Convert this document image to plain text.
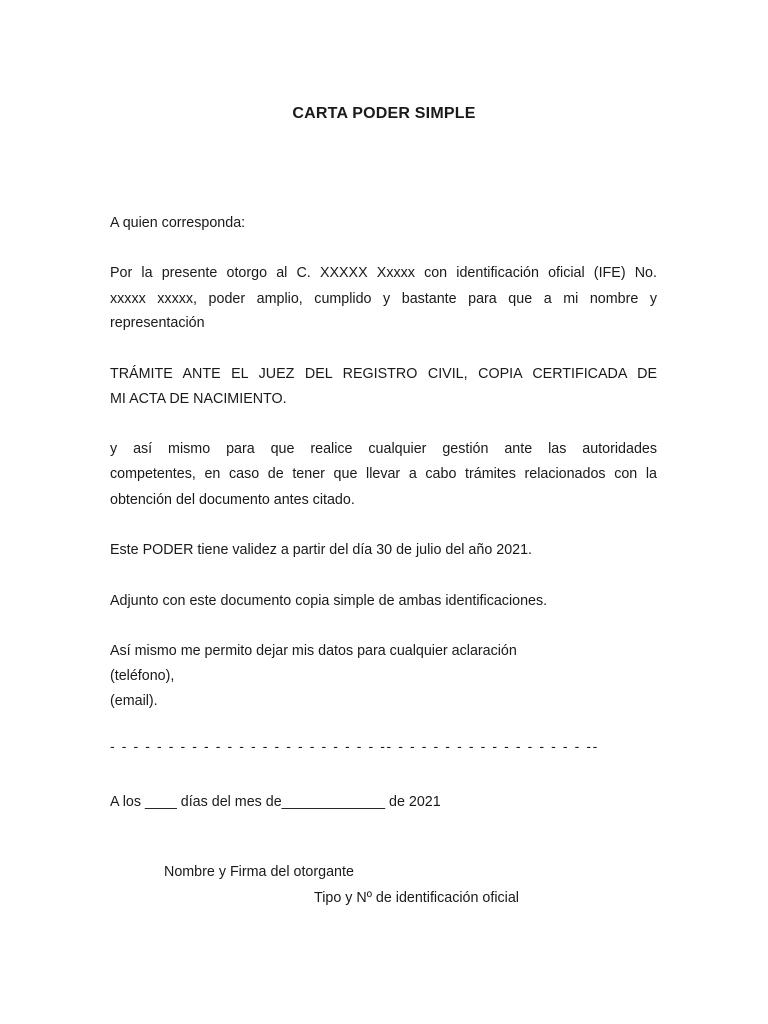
CARTA PODER SIMPLE
A quien corresponda:
Por la presente otorgo al C. XXXXX Xxxxx con identificación oficial (IFE) No.
xxxxx xxxxx, poder amplio, cumplido y bastante para que a mi nombre y
representación
TRÁMITE ANTE EL JUEZ DEL REGISTRO CIVIL, COPIA CERTIFICADA DE
MI ACTA DE NACIMIENTO.
y así mismo para que realice cualquier gestión ante las autoridades
competentes, en caso de tener que llevar a cabo trámites relacionados con la
obtención del documento antes citado.
Este PODER tiene validez a partir del día 30 de julio del año 2021.
Adjunto con este documento copia simple de ambas identificaciones.
Así mismo me permito dejar mis datos para cualquier aclaración
(teléfono),
(email).
- - - - - - - - - - - - - - - - - - - - - - - -- - - - - - - - - - - - - - - - - --
A los ____ días del mes de_____________ de 2021
Nombre y Firma del otorgante
Tipo y Nº de identificación oficial
